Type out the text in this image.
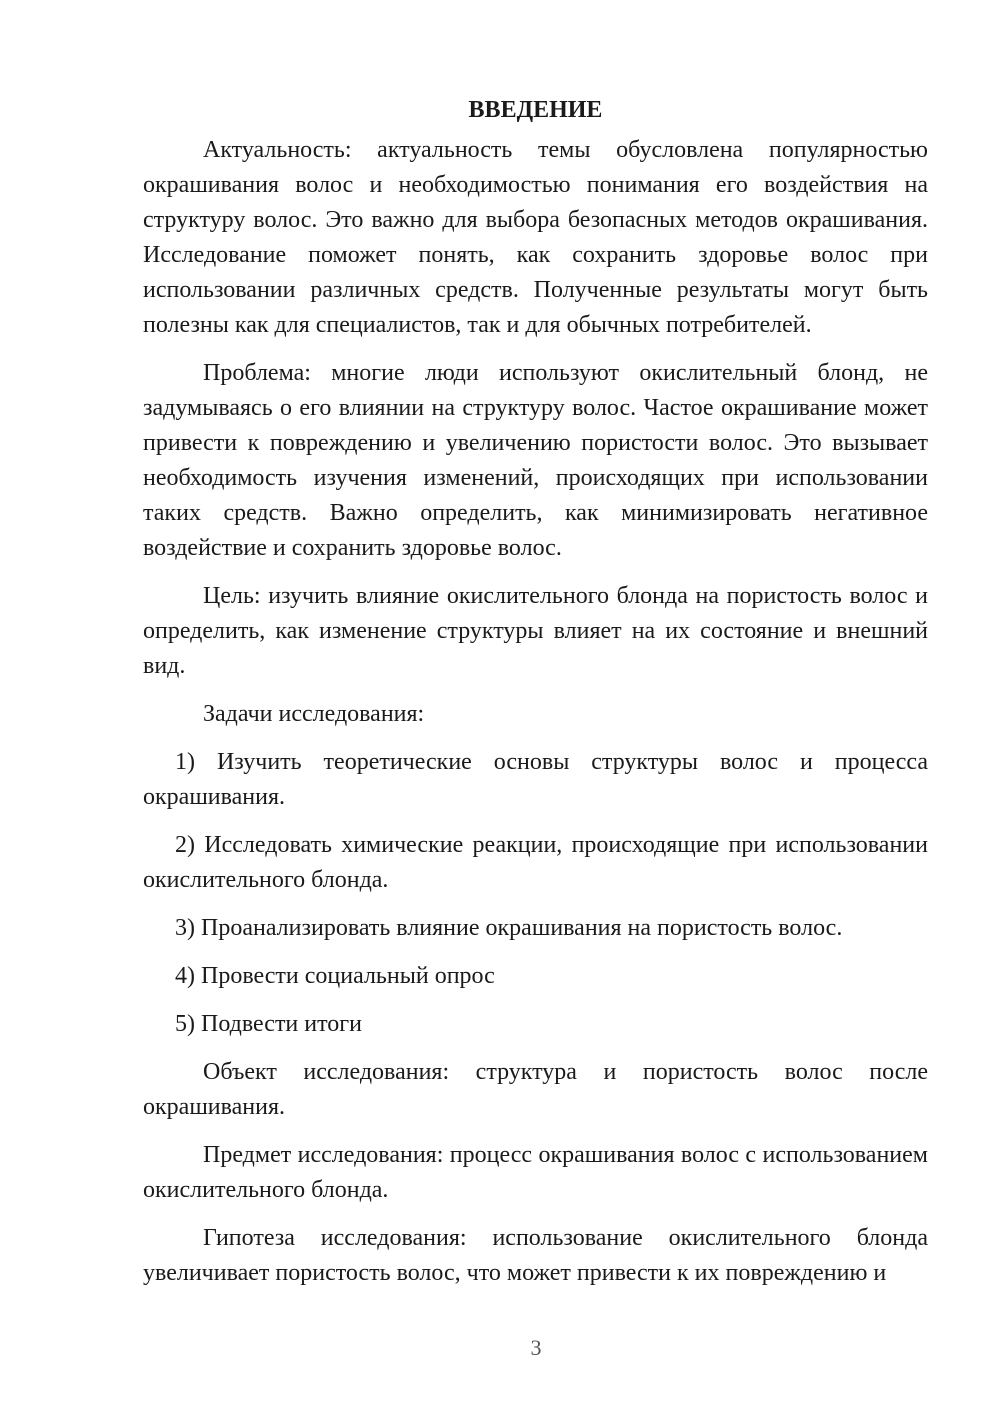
ВВЕДЕНИЕ

Актуальность: актуальность темы обусловлена популярностью окрашивания волос и необходимостью понимания его воздействия на структуру волос. Это важно для выбора безопасных методов окрашивания. Исследование поможет понять, как сохранить здоровье волос при использовании различных средств. Полученные результаты могут быть полезны как для специалистов, так и для обычных потребителей.

Проблема: многие люди используют окислительный блонд, не задумываясь о его влиянии на структуру волос. Частое окрашивание может привести к повреждению и увеличению пористости волос. Это вызывает необходимость изучения изменений, происходящих при использовании таких средств. Важно определить, как минимизировать негативное воздействие и сохранить здоровье волос.

Цель: изучить влияние окислительного блонда на пористость волос и определить, как изменение структуры влияет на их состояние и внешний вид.

Задачи исследования:

1) Изучить теоретические основы структуры волос и процесса окрашивания.

2) Исследовать химические реакции, происходящие при использовании окислительного блонда.

3) Проанализировать влияние окрашивания на пористость волос.

4) Провести социальный опрос

5) Подвести итоги

Объект исследования: структура и пористость волос после окрашивания.

Предмет исследования: процесс окрашивания волос с использованием окислительного блонда.

Гипотеза исследования: использование окислительного блонда увеличивает пористость волос, что может привести к их повреждению и

3
